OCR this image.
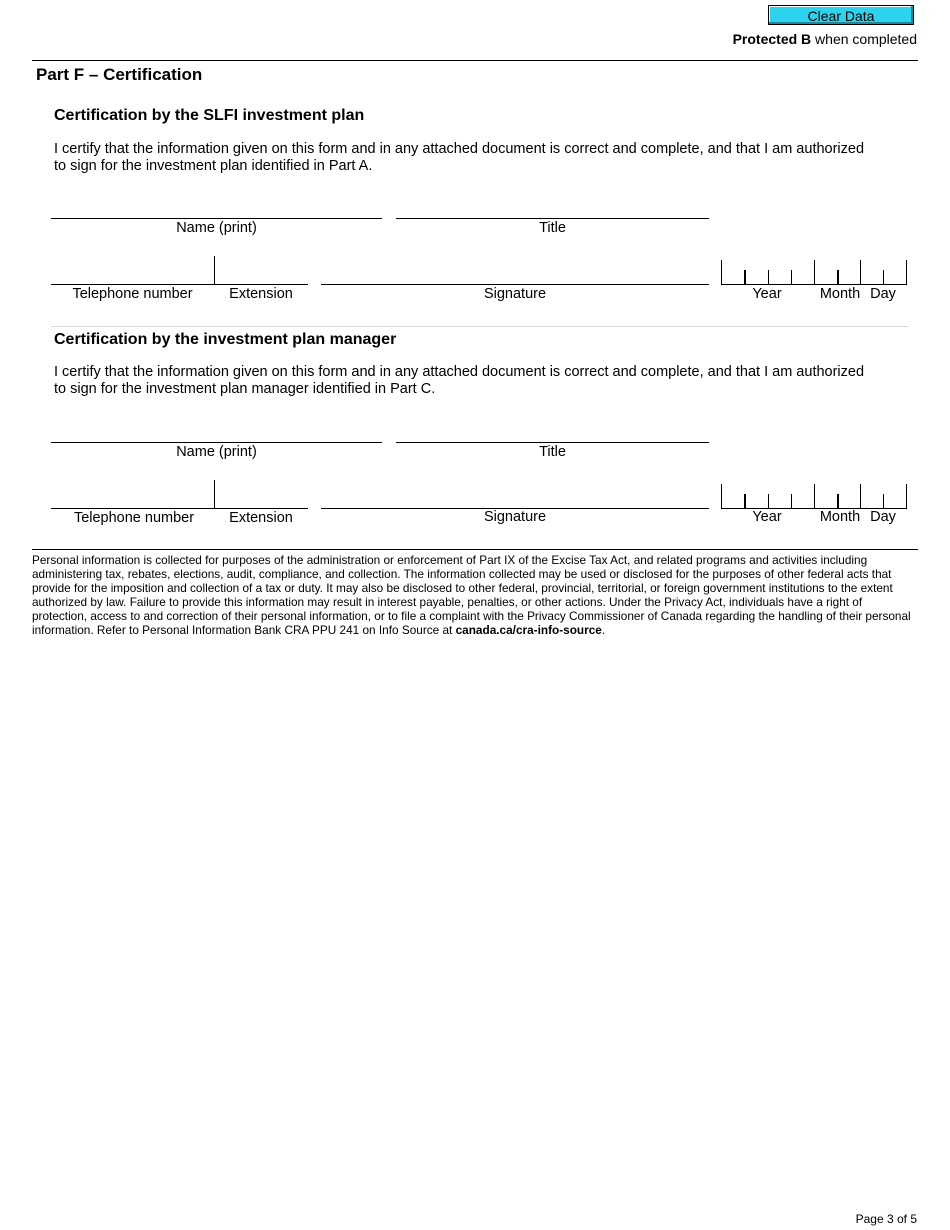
Clear Data
Protected B when completed
Part F – Certification
Certification by the SLFI investment plan
I certify that the information given on this form and in any attached document is correct and complete, and that I am authorized to sign for the investment plan identified in Part A.
Name (print)	Title
Telephone number	Extension	Signature	Year	Month Day
Certification by the investment plan manager
I certify that the information given on this form and in any attached document is correct and complete, and that I am authorized to sign for the investment plan manager identified in Part C.
Name (print)	Title
Telephone number	Extension	Signature	Year	Month Day
Personal information is collected for purposes of the administration or enforcement of Part IX of the Excise Tax Act, and related programs and activities including administering tax, rebates, elections, audit, compliance, and collection. The information collected may be used or disclosed for the purposes of other federal acts that provide for the imposition and collection of a tax or duty. It may also be disclosed to other federal, provincial, territorial, or foreign government institutions to the extent authorized by law. Failure to provide this information may result in interest payable, penalties, or other actions. Under the Privacy Act, individuals have a right of protection, access to and correction of their personal information, or to file a complaint with the Privacy Commissioner of Canada regarding the handling of their personal information. Refer to Personal Information Bank CRA PPU 241 on Info Source at canada.ca/cra-info-source.
Page 3 of 5
